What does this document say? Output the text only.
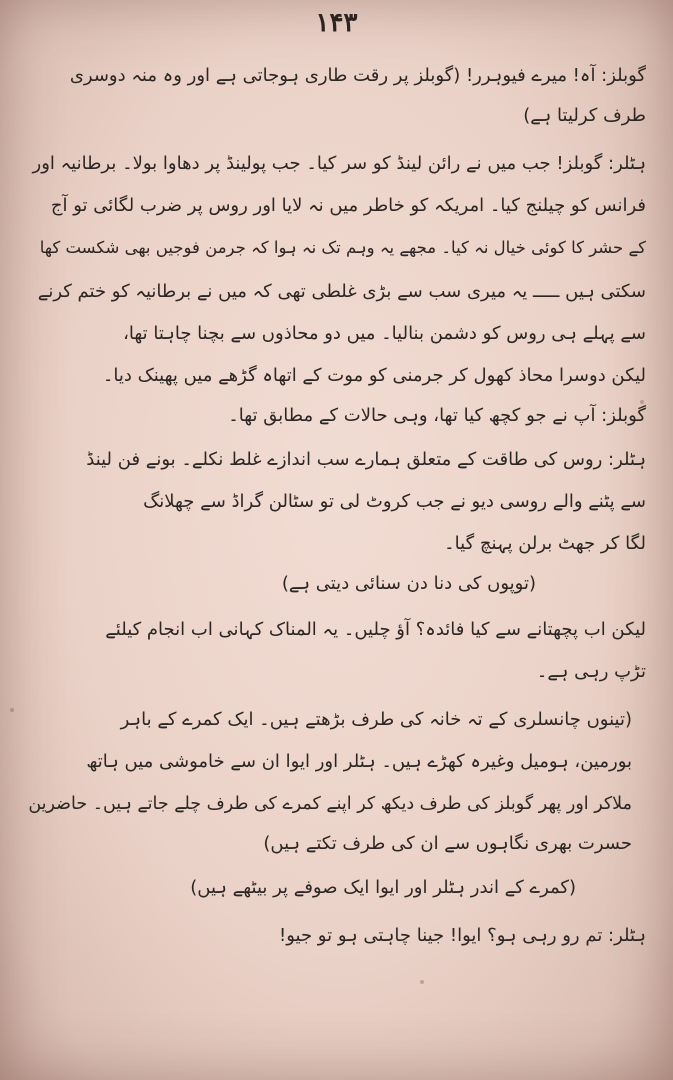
۱۴۳
گوبلز: آہ! میرے فیوہرر! (گوبلز پر رقت طاری ہوجاتی ہے اور وہ منہ دوسری
طرف کرلیتا ہے)
ہٹلر: گوبلز! جب میں نے رائن لینڈ کو سر کیا۔ جب پولینڈ پر دھاوا بولا۔ برطانیہ اور
فرانس کو چیلنج کیا۔ امریکہ کو خاطر میں نہ لایا اور روس پر ضرب لگائی تو آج
کے حشر کا کوئی خیال نہ کیا۔ مجھے یہ وہم تک نہ ہوا کہ جرمن فوجیں بھی شکست کھا
سکتی ہیں ـــــ یہ میری سب سے بڑی غلطی تھی کہ میں نے برطانیہ کو ختم کرنے
سے پہلے ہی روس کو دشمن بنالیا۔ میں دو محاذوں سے بچنا چاہتا تھا،
لیکن دوسرا محاذ کھول کر جرمنی کو موت کے اتھاہ گڑھے میں پھینک دیا۔
گوبلز: آپ نے جو کچھ کیا تھا، وہی حالات کے مطابق تھا۔
ہٹلر: روس کی طاقت کے متعلق ہمارے سب اندازے غلط نکلے۔ بونے فن لینڈ
سے پٹنے والے روسی دیو نے جب کروٹ لی تو سٹالن گراڈ سے چھلانگ
لگا کر جھٹ برلن پہنچ گیا۔
(توپوں کی دنا دن سنائی دیتی ہے)
لیکن اب پچھتانے سے کیا فائدہ؟ آؤ چلیں۔ یہ المناک کہانی اب انجام کیلئے
تڑپ رہی ہے۔
(تینوں چانسلری کے تہ خانہ کی طرف بڑھتے ہیں۔ ایک کمرے کے باہر
بورمین، ہومیل وغیرہ کھڑے ہیں۔ ہٹلر اور ایوا ان سے خاموشی میں ہاتھ
ملاکر اور پھر گوبلز کی طرف دیکھ کر اپنے کمرے کی طرف چلے جاتے ہیں۔ حاضرین
حسرت بھری نگاہوں سے ان کی طرف تکتے ہیں)
(کمرے کے اندر ہٹلر اور ایوا ایک صوفے پر بیٹھے ہیں)
ہٹلر: تم رو رہی ہو؟ ایوا! جینا چاہتی ہو تو جیو!
